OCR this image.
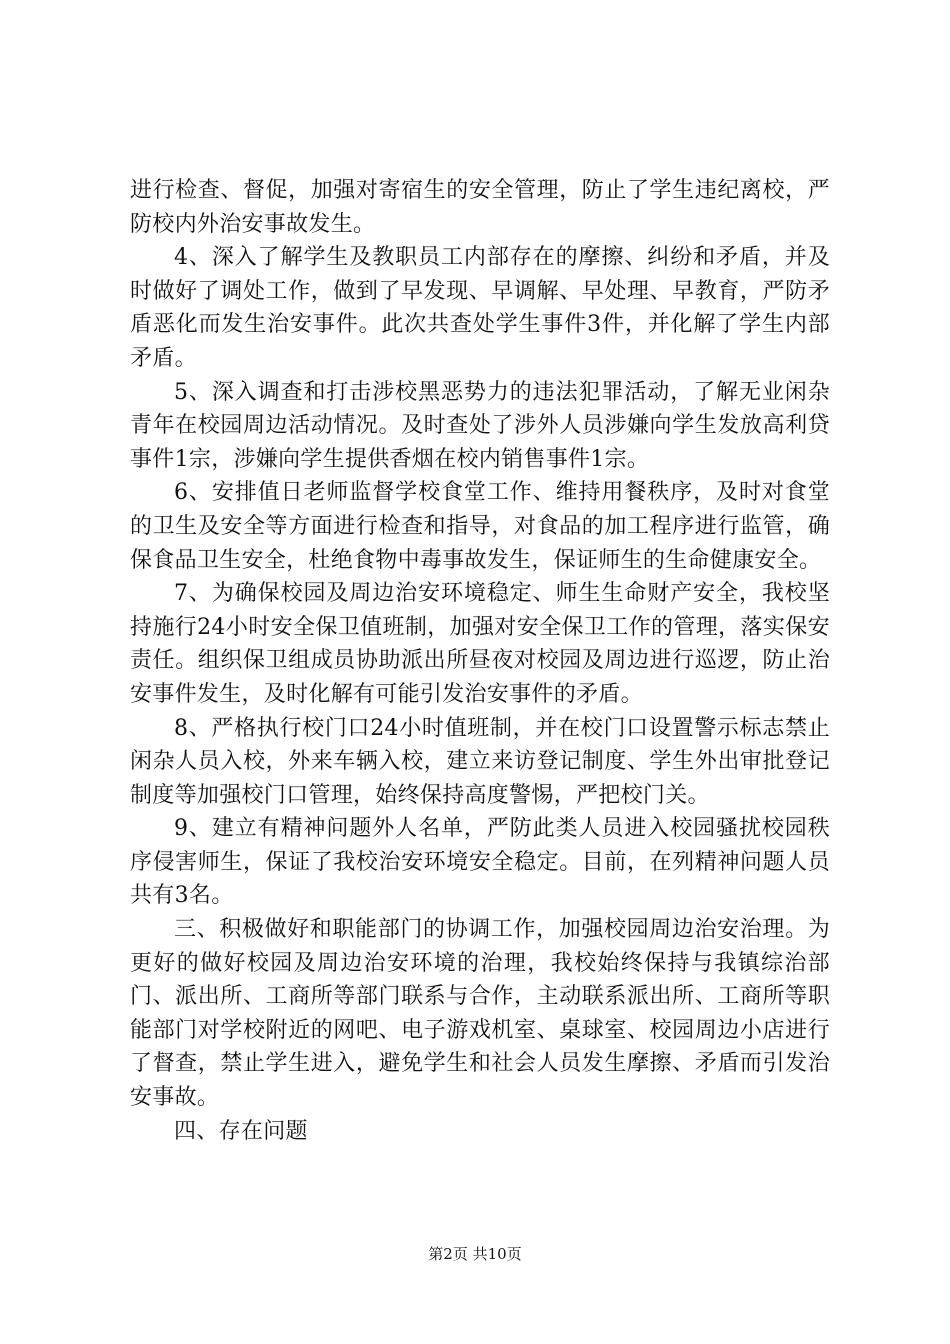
进行检查、督促，加强对寄宿生的安全管理，防止了学生违纪离校，严防校内外治安事故发生。

4、深入了解学生及教职员工内部存在的摩擦、纠纷和矛盾，并及时做好了调处工作，做到了早发现、早调解、早处理、早教育，严防矛盾恶化而发生治安事件。此次共查处学生事件3件，并化解了学生内部矛盾。

5、深入调查和打击涉校黑恶势力的违法犯罪活动，了解无业闲杂青年在校园周边活动情况。及时查处了涉外人员涉嫌向学生发放高利贷事件1宗，涉嫌向学生提供香烟在校内销售事件1宗。

6、安排值日老师监督学校食堂工作、维持用餐秩序，及时对食堂的卫生及安全等方面进行检查和指导，对食品的加工程序进行监管，确保食品卫生安全，杜绝食物中毒事故发生，保证师生的生命健康安全。

7、为确保校园及周边治安环境稳定、师生生命财产安全，我校坚持施行24小时安全保卫值班制，加强对安全保卫工作的管理，落实保安责任。组织保卫组成员协助派出所昼夜对校园及周边进行巡逻，防止治安事件发生，及时化解有可能引发治安事件的矛盾。

8、严格执行校门口24小时值班制，并在校门口设置警示标志禁止闲杂人员入校，外来车辆入校，建立来访登记制度、学生外出审批登记制度等加强校门口管理，始终保持高度警惕，严把校门关。

9、建立有精神问题外人名单，严防此类人员进入校园骚扰校园秩序侵害师生，保证了我校治安环境安全稳定。目前，在列精神问题人员共有3名。

三、积极做好和职能部门的协调工作，加强校园周边治安治理。为更好的做好校园及周边治安环境的治理，我校始终保持与我镇综治部门、派出所、工商所等部门联系与合作，主动联系派出所、工商所等职能部门对学校附近的网吧、电子游戏机室、桌球室、校园周边小店进行了督查，禁止学生进入，避免学生和社会人员发生摩擦、矛盾而引发治安事故。

四、存在问题

第2页 共10页
